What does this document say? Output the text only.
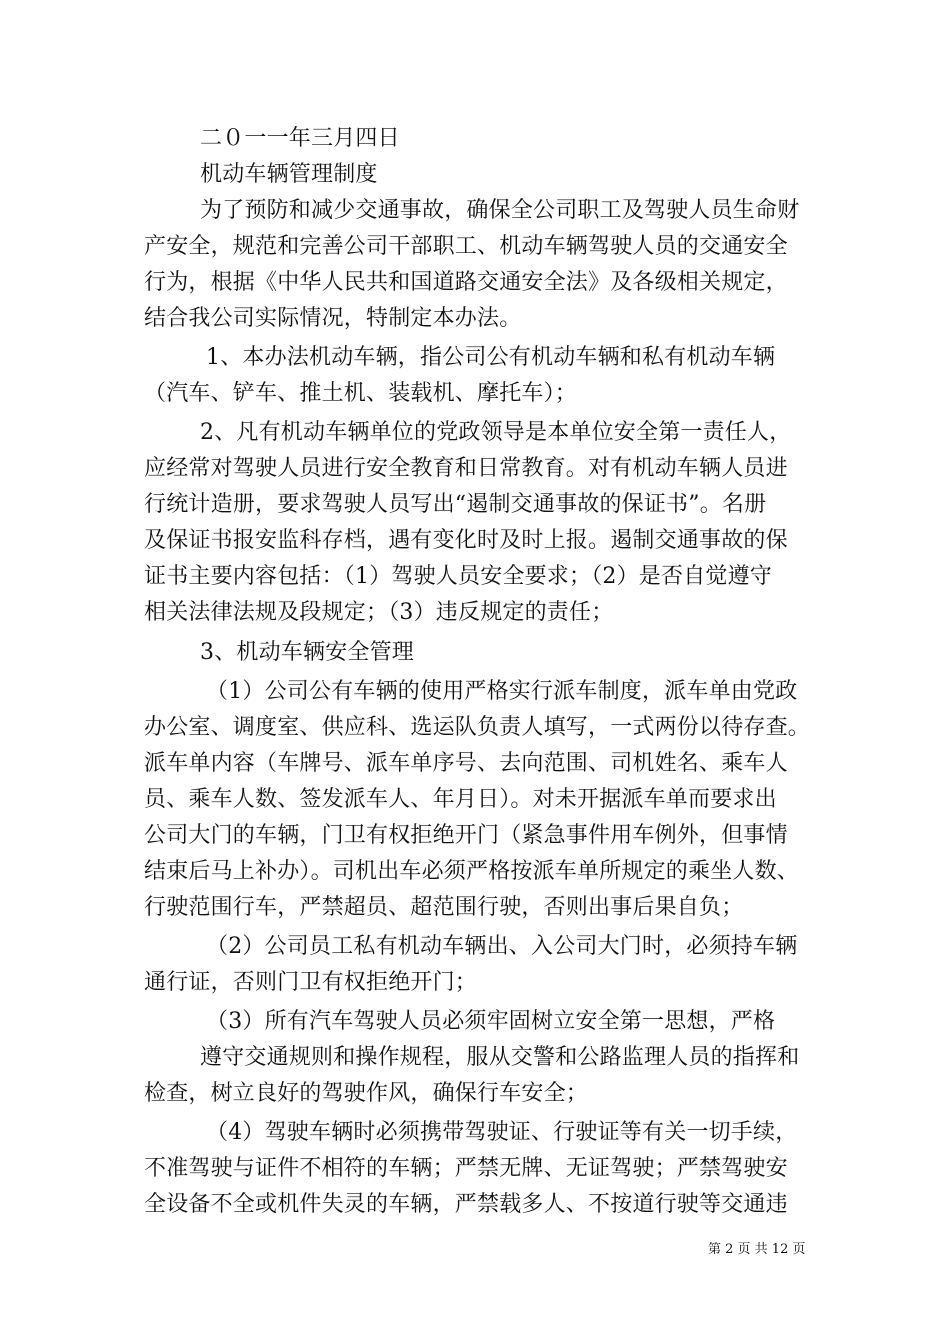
二０一一年三月四日
机动车辆管理制度
为了预防和减少交通事故，确保全公司职工及驾驶人员生命财
产安全，规范和完善公司干部职工、机动车辆驾驶人员的交通安全
行为，根据《中华人民共和国道路交通安全法》及各级相关规定，
结合我公司实际情况，特制定本办法。
1、本办法机动车辆，指公司公有机动车辆和私有机动车辆
（汽车、铲车、推土机、装载机、摩托车）；
2、凡有机动车辆单位的党政领导是本单位安全第一责任人，
应经常对驾驶人员进行安全教育和日常教育。对有机动车辆人员进
行统计造册，要求驾驶人员写出“遏制交通事故的保证书”。名册
及保证书报安监科存档，遇有变化时及时上报。遏制交通事故的保
证书主要内容包括：（1）驾驶人员安全要求；（2）是否自觉遵守
相关法律法规及段规定；（3）违反规定的责任；
3、机动车辆安全管理
（1）公司公有车辆的使用严格实行派车制度，派车单由党政
办公室、调度室、供应科、选运队负责人填写，一式两份以待存查。
派车单内容（车牌号、派车单序号、去向范围、司机姓名、乘车人
员、乘车人数、签发派车人、年月日）。对未开据派车单而要求出
公司大门的车辆，门卫有权拒绝开门（紧急事件用车例外，但事情
结束后马上补办）。司机出车必须严格按派车单所规定的乘坐人数、
行驶范围行车，严禁超员、超范围行驶，否则出事后果自负；
（2）公司员工私有机动车辆出、入公司大门时，必须持车辆
通行证，否则门卫有权拒绝开门；
（3）所有汽车驾驶人员必须牢固树立安全第一思想，严格
遵守交通规则和操作规程，服从交警和公路监理人员的指挥和
检查，树立良好的驾驶作风，确保行车安全；
（4）驾驶车辆时必须携带驾驶证、行驶证等有关一切手续，
不准驾驶与证件不相符的车辆；严禁无牌、无证驾驶；严禁驾驶安
全设备不全或机件失灵的车辆，严禁载多人、不按道行驶等交通违
第 2 页 共 12 页
